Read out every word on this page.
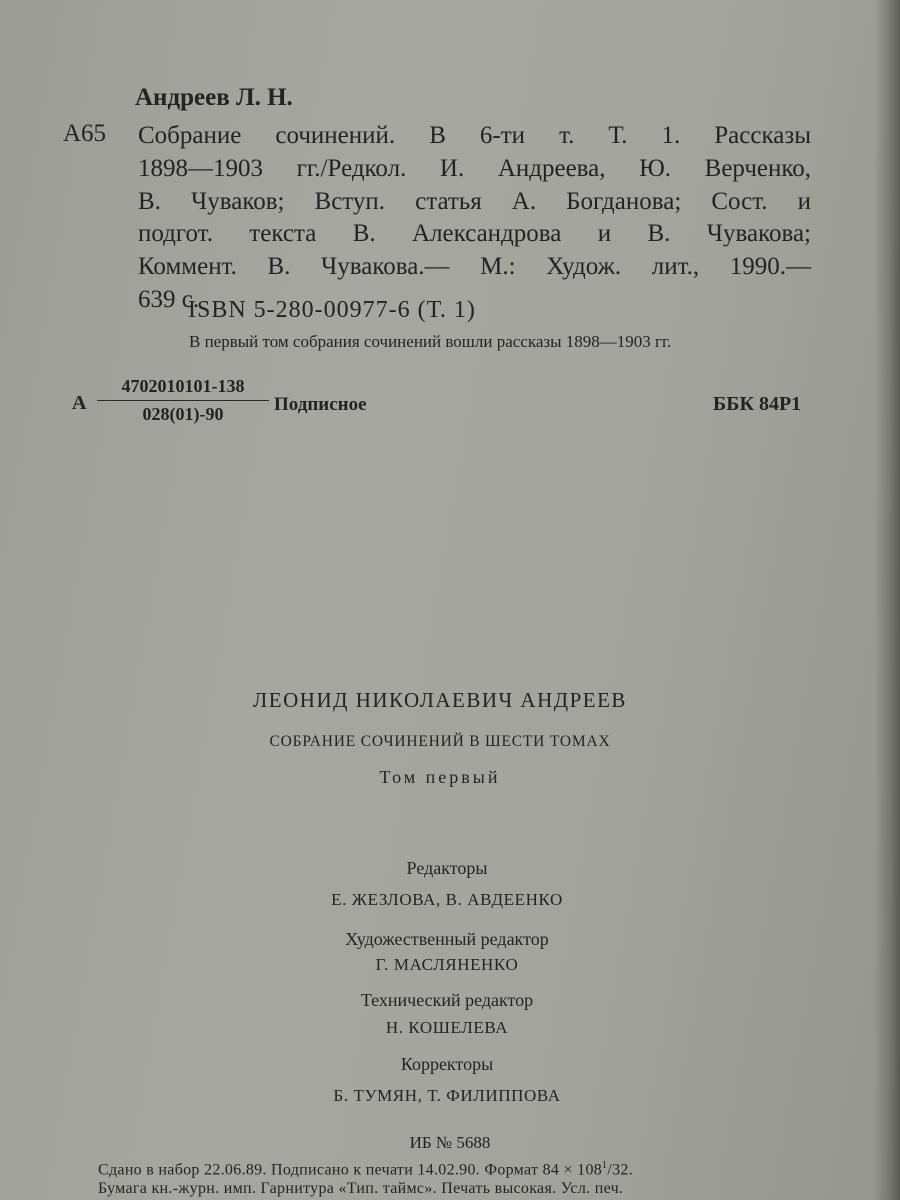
Андреев Л. Н.
А65 Собрание сочинений. В 6-ти т. Т. 1. Рассказы
1898—1903 гг./Редкол. И. Андреева, Ю. Верченко,
В. Чуваков; Вступ. статья А. Богданова; Сост. и
подгот. текста В. Александрова и В. Чувакова;
Коммент. В. Чувакова.— М.: Худож. лит., 1990.—
639 с.
ISBN 5-280-00977-6 (Т. 1)
В первый том собрания сочинений вошли рассказы 1898—1903 гг.
А $\frac{4702010101-138}{028(01)-90}$ Подписное	ББК 84Р1
ЛЕОНИД НИКОЛАЕВИЧ АНДРЕЕВ
СОБРАНИЕ СОЧИНЕНИЙ В ШЕСТИ ТОМАХ
Том первый
Редакторы
Е. ЖЕЗЛОВА, В. АВДЕЕНКО
Художественный редактор
Г. МАСЛЯНЕНКО
Технический редактор
Н. КОШЕЛЕВА
Корректоры
Б. ТУМЯН, Т. ФИЛИППОВА
ИБ № 5688
Сдано в набор 22.06.89. Подписано к печати 14.02.90. Формат $84 \times 108^1/32$.
Бумага кн.-журн. имп. Гарнитура «Тип. таймс». Печать высокая. Усл. печ.
